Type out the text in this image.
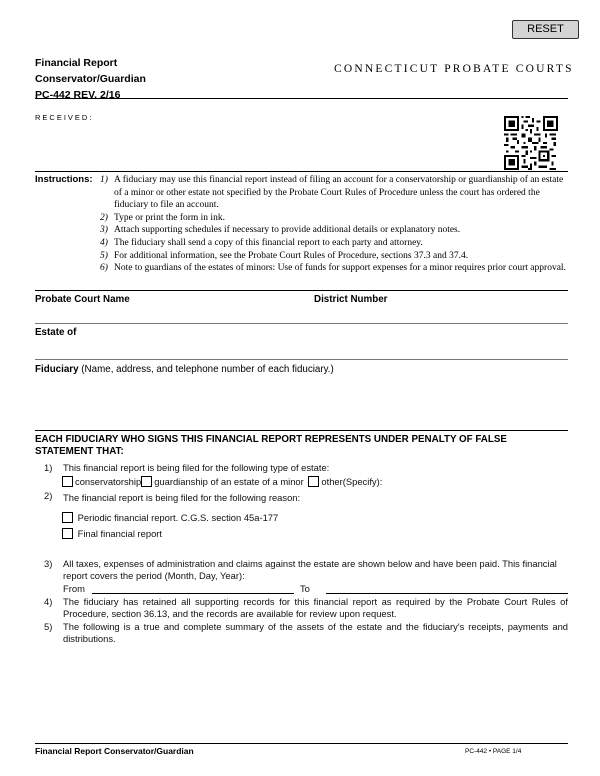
RESET
Financial Report
Conservator/Guardian
PC-442 REV. 2/16
CONNECTICUT PROBATE COURTS
RECEIVED:
Instructions: 1) A fiduciary may use this financial report instead of filing an account for a conservatorship or guardianship of an estate of a minor or other estate not specified by the Probate Court Rules of Procedure unless the court has ordered the fiduciary to file an account.
2) Type or print the form in ink.
3) Attach supporting schedules if necessary to provide additional details or explanatory notes.
4) The fiduciary shall send a copy of this financial report to each party and attorney.
5) For additional information, see the Probate Court Rules of Procedure, sections 37.3 and 37.4.
6) Note to guardians of the estates of minors: Use of funds for support expenses for a minor requires prior court approval.
Probate Court Name	District Number
Estate of
Fiduciary (Name, address, and telephone number of each fiduciary.)
EACH FIDUCIARY WHO SIGNS THIS FINANCIAL REPORT REPRESENTS UNDER PENALTY OF FALSE STATEMENT THAT:
1) This financial report is being filed for the following type of estate:
conservatorship guardianship of an estate of a minor other(Specify):
2) The financial report is being filed for the following reason:
Periodic financial report. C.G.S. section 45a-177
Final financial report
3) All taxes, expenses of administration and claims against the estate are shown below and have been paid. This financial report covers the period (Month, Day, Year):
From	To
4) The fiduciary has retained all supporting records for this financial report as required by the Probate Court Rules of Procedure, section 36.13, and the records are available for review upon request.
5) The following is a true and complete summary of the assets of the estate and the fiduciary's receipts, payments and distributions.
Financial Report Conservator/Guardian	PC-442 • PAGE 1/4
